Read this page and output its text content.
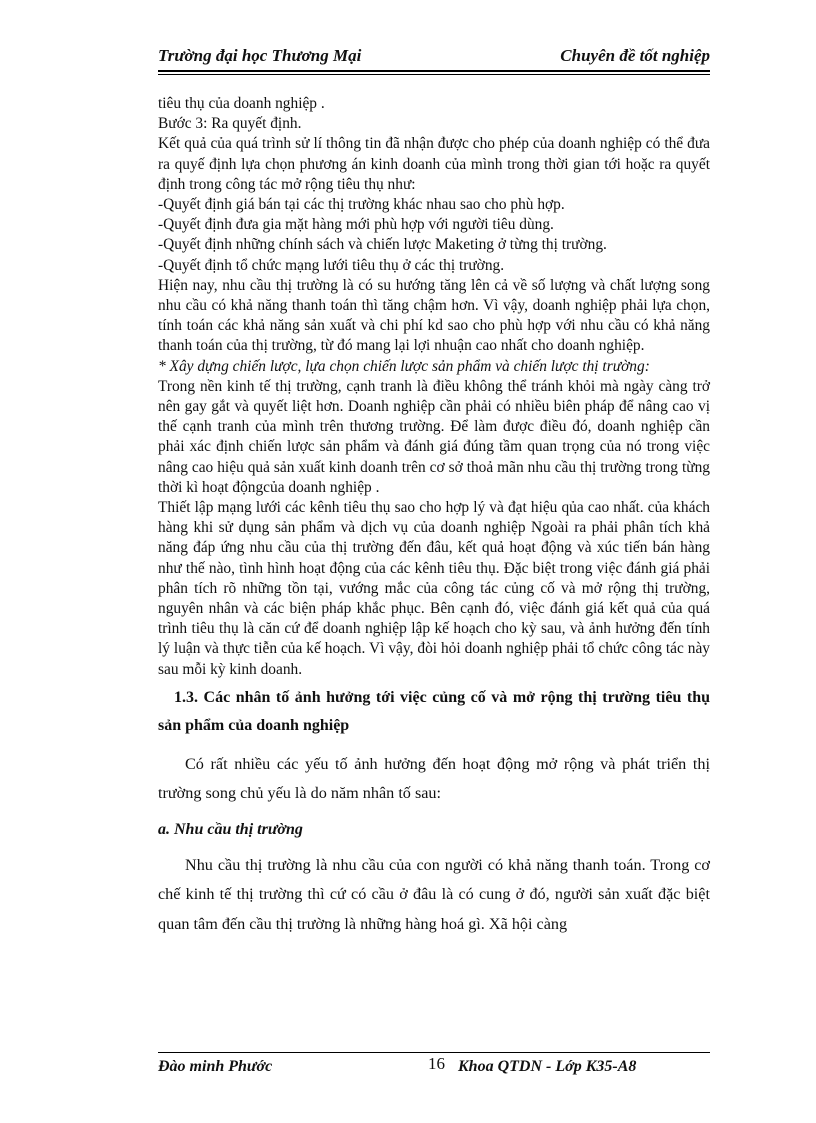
Trường đại học Thương Mại	Chuyên đề tốt nghiệp

tiêu thụ của doanh nghiệp .

Bước 3: Ra quyết định.

Kết quả của quá trình sử lí thông tin đã nhận được cho phép của doanh nghiệp có thể đưa ra quyế định lựa chọn phương án kinh doanh của mình trong thời gian tới hoặc ra quyết định trong công tác mở rộng tiêu thụ như:

-Quyết định giá bán tại các thị trường khác nhau sao cho phù hợp.

-Quyết định đưa gia mặt hàng mới phù hợp với người tiêu dùng.

-Quyết định những chính sách và chiến lược Maketing ở từng thị trường.

-Quyết định tổ chức mạng lưới tiêu thụ ở các thị trường.

Hiện nay, nhu cầu thị trường là có su hướng tăng lên cả về số lượng và chất lượng song nhu cầu có khả năng thanh toán thì tăng chậm hơn. Vì vậy, doanh nghiệp phải lựa chọn, tính toán các khả năng sản xuất và chi phí kd sao cho phù hợp với nhu cầu có khả năng thanh toán của thị trường, từ đó mang lại lợi nhuận cao nhất cho doanh nghiệp.

* Xây dựng chiến lược, lựa chọn chiến lược sản phẩm và chiến lược thị trường:

Trong nền kinh tế thị trường, cạnh tranh là điều không thể tránh khỏi mà ngày càng trở nên gay gắt và quyết liệt hơn. Doanh nghiệp cần phải có nhiều biên pháp để nâng cao vị thế cạnh tranh của mình trên thương trường. Để làm được điều đó, doanh nghiệp cần phải xác định chiến lược sản phẩm và đánh giá đúng tầm quan trọng của nó trong việc nâng cao hiệu quả sản xuất kinh doanh trên cơ sở thoả mãn nhu cầu thị trường trong từng thời kì hoạt độngcủa doanh nghiệp .

Thiết lập mạng lưới các kênh tiêu thụ sao cho hợp lý và đạt hiệu qủa cao nhất. của khách hàng khi sử dụng sản phẩm và dịch vụ của doanh nghiệp Ngoài ra phải phân tích khả năng đáp ứng nhu cầu của thị trường đến đâu, kết quả hoạt động và xúc tiến bán hàng như thế nào, tình hình hoạt động của các kênh tiêu thụ. Đặc biệt trong việc đánh giá phải phân tích rõ những tồn tại, vướng mắc của công tác củng cố và mở rộng thị trường, nguyên nhân và các biện pháp khắc phục. Bên cạnh đó, việc đánh giá kết quả của quá trình tiêu thụ là căn cứ để doanh nghiệp lập kế hoạch cho kỳ sau, và ảnh hưởng đến tính lý luận và thực tiễn của kế hoạch. Vì vậy, đòi hỏi doanh nghiệp phải tổ chức công tác này sau mỗi kỳ kinh doanh.

1.3. Các nhân tố ảnh hưởng tới việc củng cố và mở rộng thị trường tiêu thụ sản phẩm của doanh nghiệp

Có rất nhiều các yếu tố ảnh hưởng đến hoạt động mở rộng và phát triển thị trường song chủ yếu là do năm nhân tố sau:

a. Nhu cầu thị trường

Nhu cầu thị trường là nhu cầu của con người có khả năng thanh toán. Trong cơ chế kinh tế thị trường thì cứ có cầu ở đâu là có cung ở đó, người sản xuất đặc biệt quan tâm đến cầu thị trường là những hàng hoá gì. Xã hội càng

Đào minh Phước	16 Khoa QTDN - Lớp K35-A8
